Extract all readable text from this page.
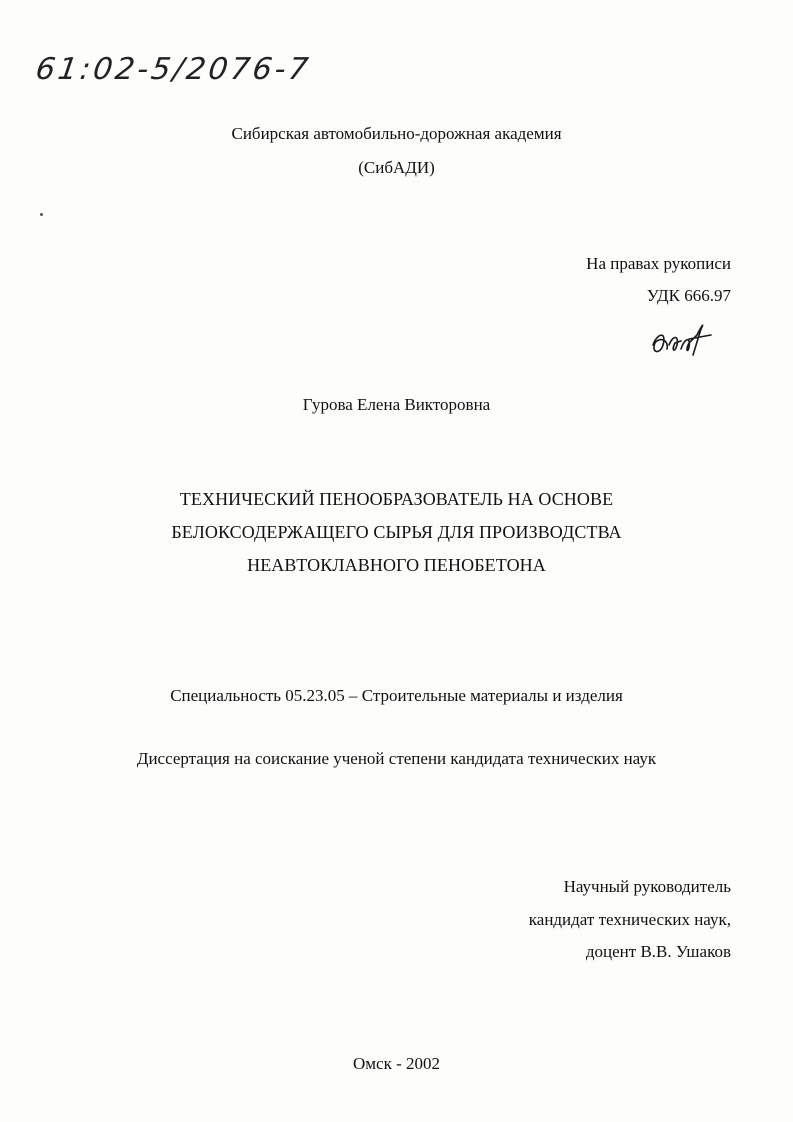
61:02-5/2076-7
Сибирская автомобильно-дорожная академия
(СибАДИ)
На правах рукописи
УДК 666.97
Гурова Елена Викторовна
ТЕХНИЧЕСКИЙ ПЕНООБРАЗОВАТЕЛЬ НА ОСНОВЕ
БЕЛОКСОДЕРЖАЩЕГО СЫРЬЯ ДЛЯ ПРОИЗВОДСТВА
НЕАВТОКЛАВНОГО ПЕНОБЕТОНА
Специальность 05.23.05 – Строительные материалы и изделия
Диссертация на соискание ученой степени кандидата технических наук
Научный руководитель
кандидат технических наук,
доцент В.В. Ушаков
Омск - 2002
